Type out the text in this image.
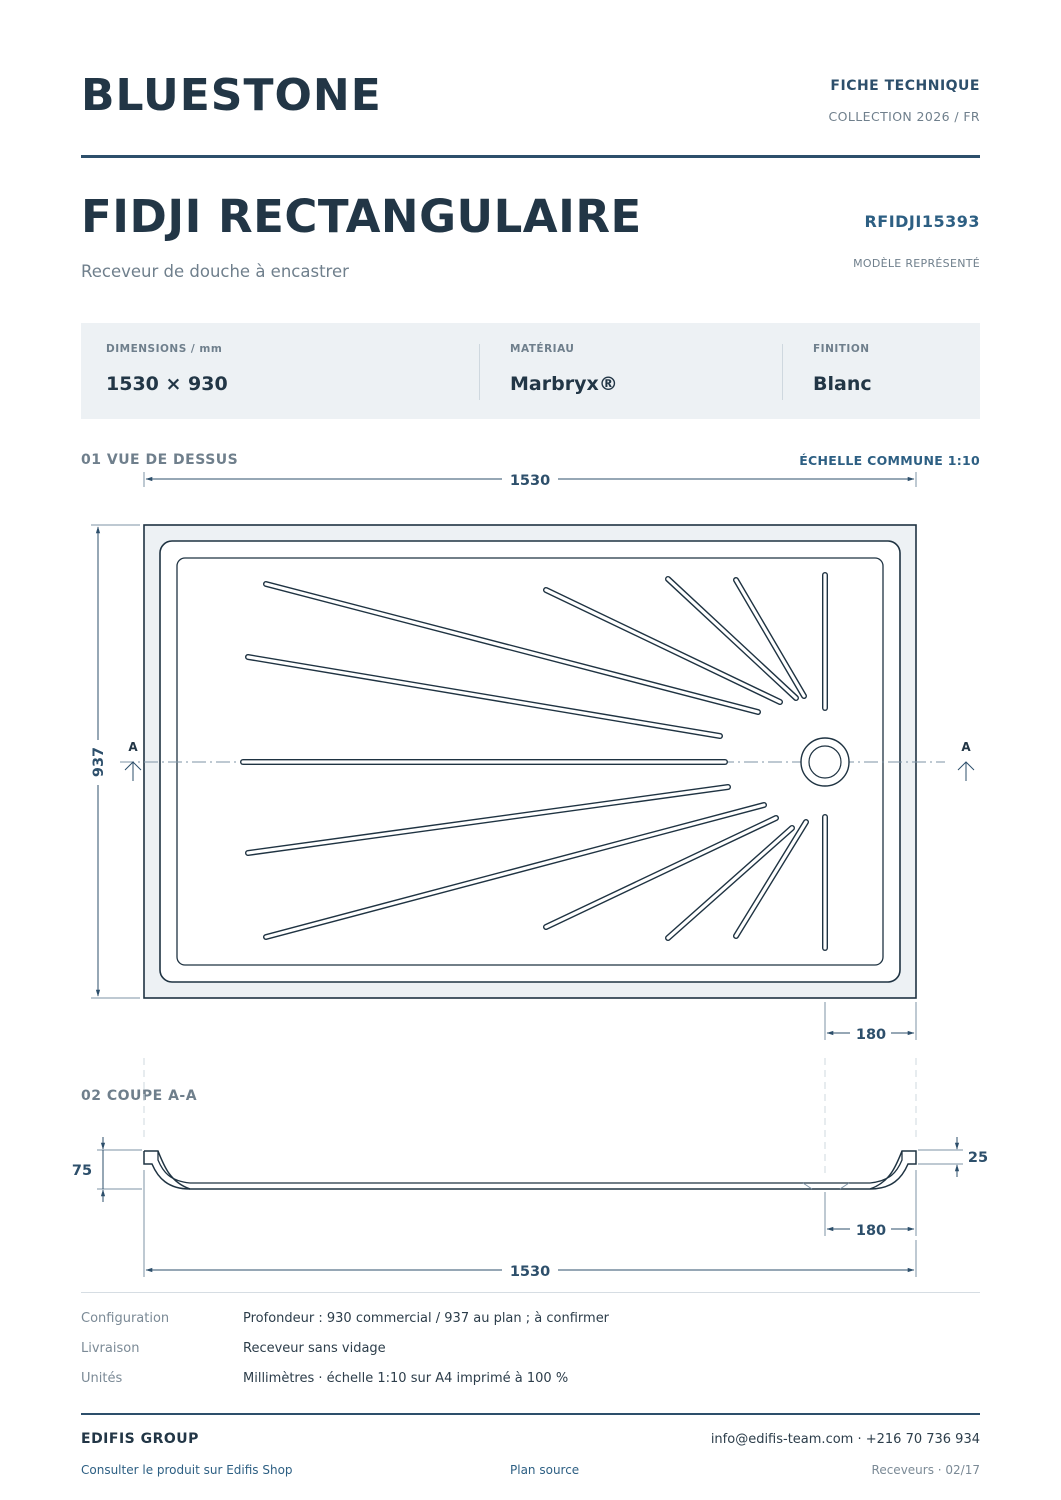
BLUESTONE	FICHE TECHNIQUE
COLLECTION 2026 / FR
FIDJI RECTANGULAIRE
Receveur de douche à encastrer
RFIDJI15393
MODÈLE REPRÉSENTÉ
DIMENSIONS / mm
1530 × 930
MATÉRIAU
Marbryx®
FINITION
Blanc
01 VUE DE DESSUS	ÉCHELLE COMMUNE 1:10
02 COUPE A-A
1530
937 A	A
180
75
25
180
1530
Configuration	Profondeur : 930 commercial / 937 au plan ; à confirmer
Livraison	Receveur sans vidage
Unités	Millimètres · échelle 1:10 sur A4 imprimé à 100 %
EDIFIS GROUP	info@edifis-team.com · +216 70 736 934
Consulter le produit sur Edifis Shop	Plan source	Receveurs · 02/17
